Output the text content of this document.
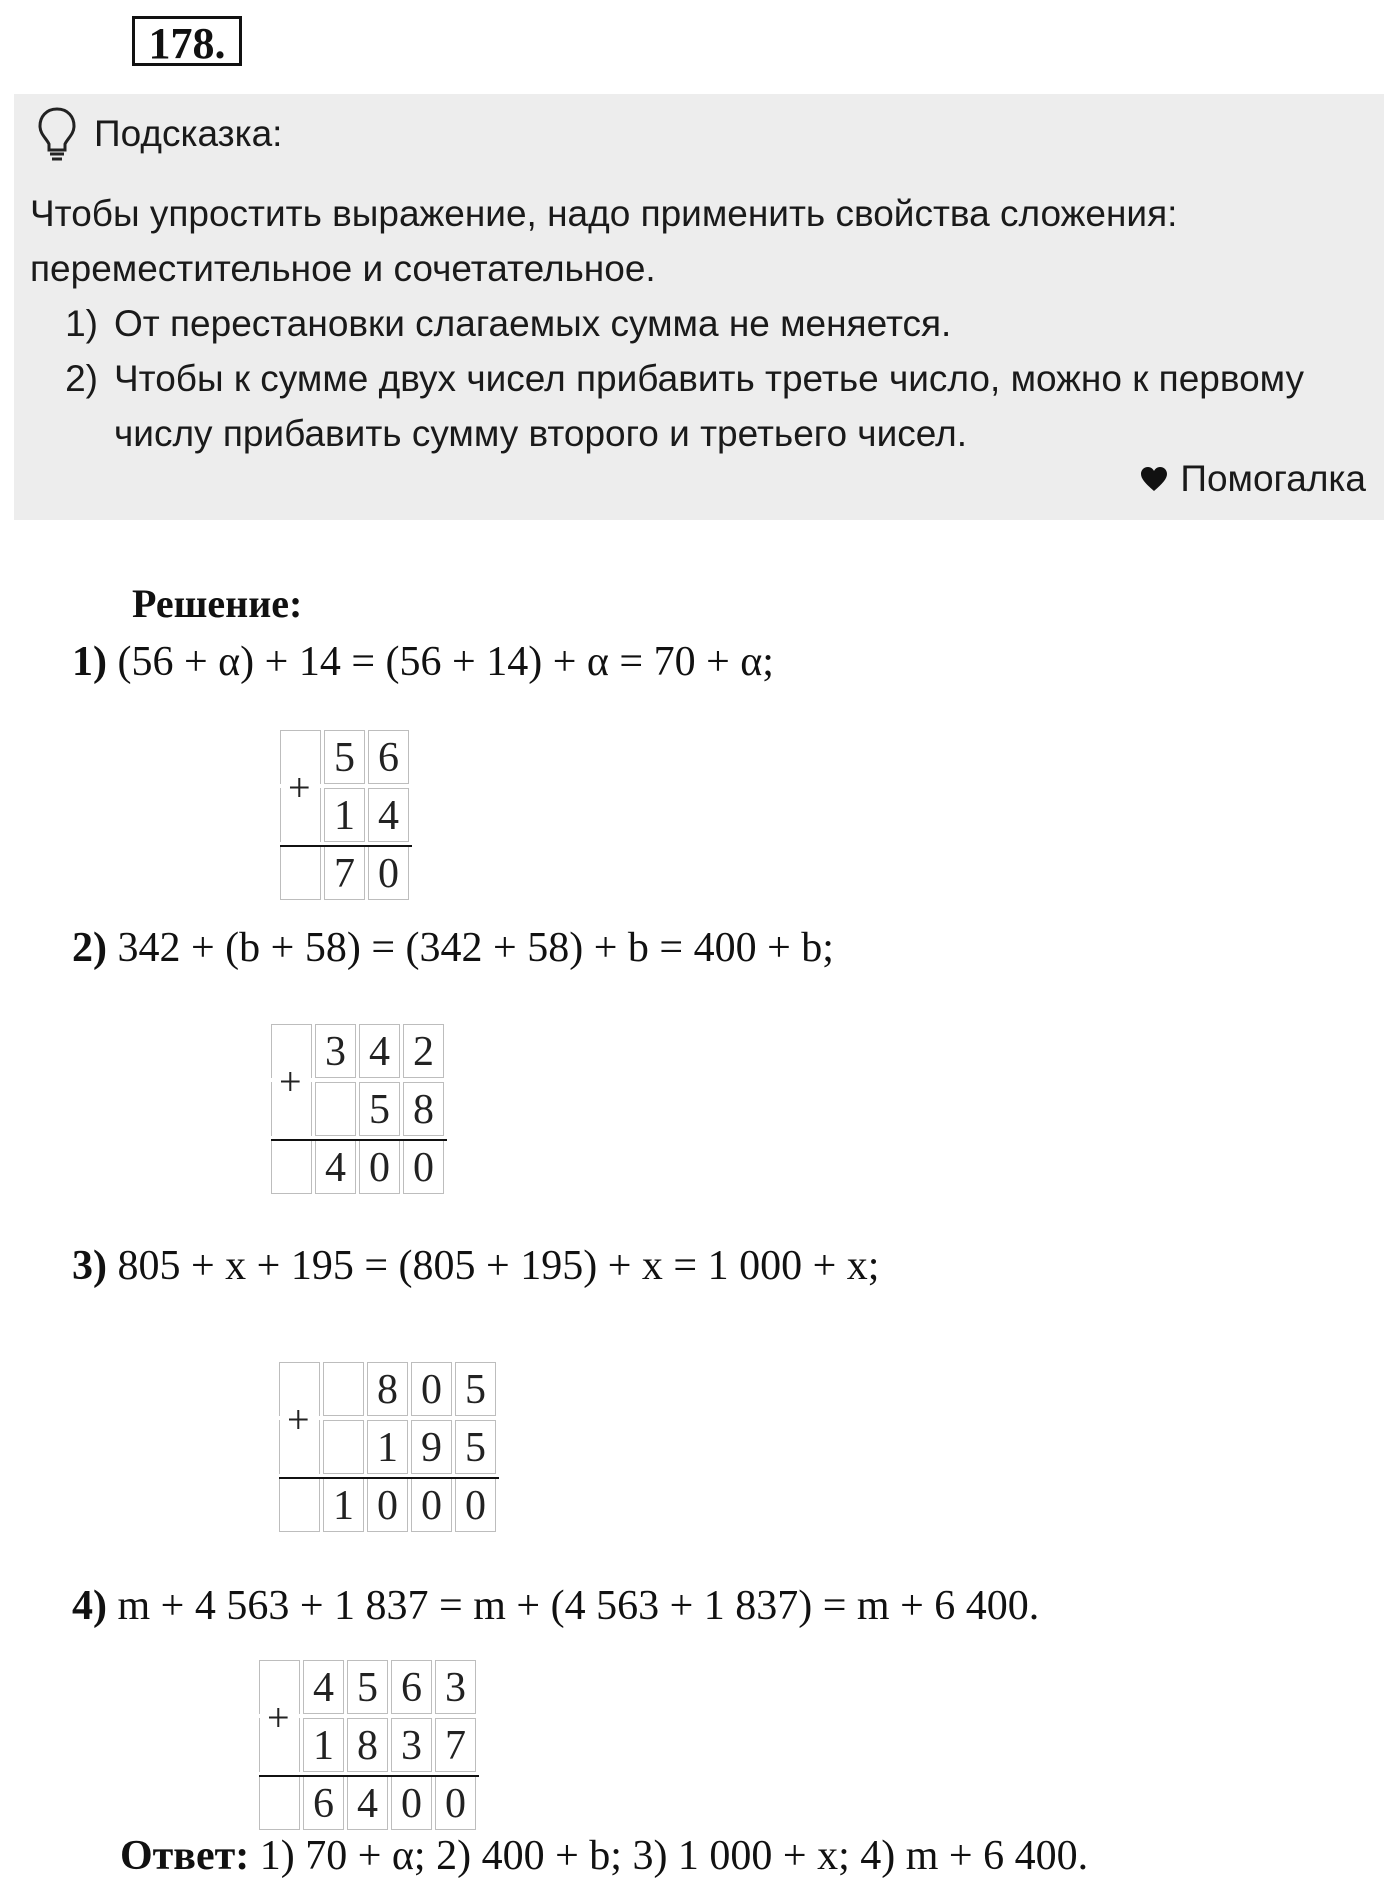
178.
Подсказка:
Чтобы упростить выражение, надо применить свойства сложения: переместительное и сочетательное.
1) От перестановки слагаемых сумма не меняется.
2) Чтобы к сумме двух чисел прибавить третье число, можно к первому числу прибавить сумму второго и третьего чисел.
Помогалка
Решение:
1) (56 + α) + 14 = (56 + 14) + α = 70 + α;
2) 342 + (b + 58) = (342 + 58) + b = 400 + b;
3) 805 + x + 195 = (805 + 195) + x = 1 000 + x;
4) m + 4 563 + 1 837 = m + (4 563 + 1 837) = m + 6 400.
5 6
1 4
7 0
+
3 4 2
5 8
4 0 0
+
8 0 5
1 9 5
1 0 0 0
+
4 5 6 3
1 8 3 7
6 4 0 0
+
Ответ: 1) 70 + α; 2) 400 + b; 3) 1 000 + x; 4) m + 6 400.
